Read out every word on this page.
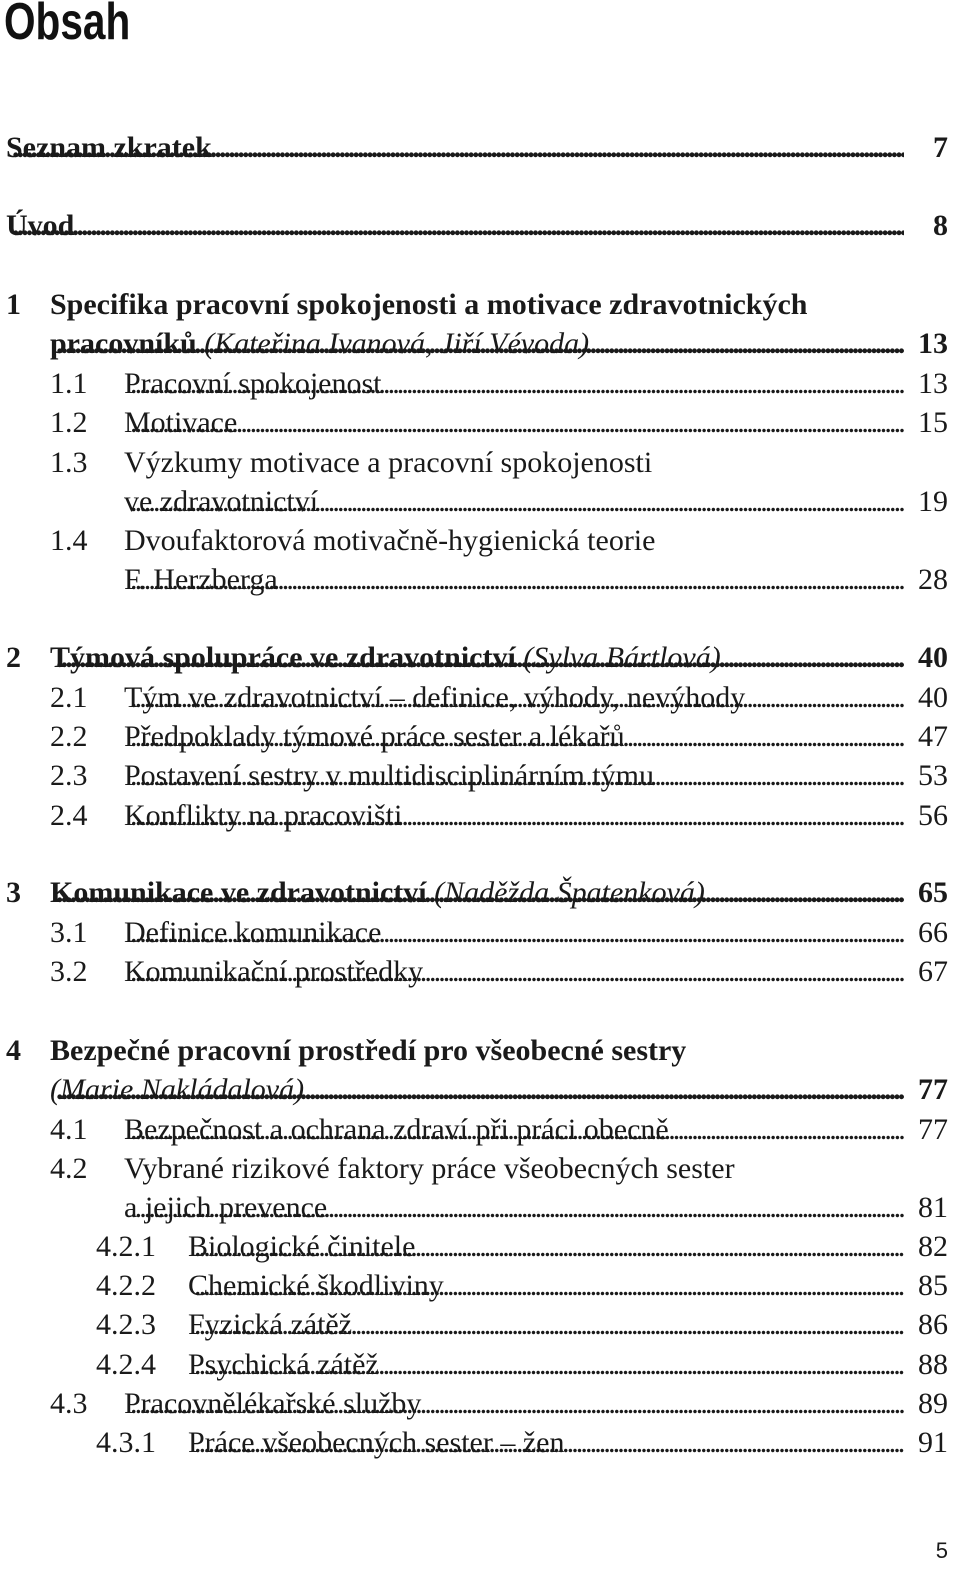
Obsah
Seznam zkratek	7
. . .
Úvod	8
. . .
1 Specifika pracovní spokojenosti a motivace zdravotnických
pracovníků (Kateřina Ivanová, Jiří Vévoda)	13
. . .
1.1 Pracovní spokojenost	13
. . .
1.2 Motivace	15
. . .
1.3 Výzkumy motivace a pracovní spokojenosti
ve zdravotnictví	19
. . .
1.4 Dvoufaktorová motivačně-hygienická teorie
F. Herzberga	28
. . .
2 Týmová spolupráce ve zdravotnictví (Sylva Bártlová)	40
. . .
2.1 Tým ve zdravotnictví – definice, výhody, nevýhody	40
. . .
2.2 Předpoklady týmové práce sester a lékařů	47
. . .
2.3 Postavení sestry v multidisciplinárním týmu	53
. . .
2.4 Konflikty na pracovišti	56
. . .
3 Komunikace ve zdravotnictví (Naděžda Špatenková)	65
. . .
3.1 Definice komunikace	66
. . .
3.2 Komunikační prostředky	67
. . .
4 Bezpečné pracovní prostředí pro všeobecné sestry
(Marie Nakládalová)	77
. . .
4.1 Bezpečnost a ochrana zdraví při práci obecně	77
. . .
4.2 Vybrané rizikové faktory práce všeobecných sester
a jejich prevence	81
. . .
4.2.1 Biologické činitele	82
. . .
4.2.2 Chemické škodliviny	85
. . .
4.2.3 Fyzická zátěž	86
. . .
4.2.4 Psychická zátěž	88
. . .
4.3 Pracovnělékařské služby	89
. . .
4.3.1 Práce všeobecných sester – žen	91
. . .
5
